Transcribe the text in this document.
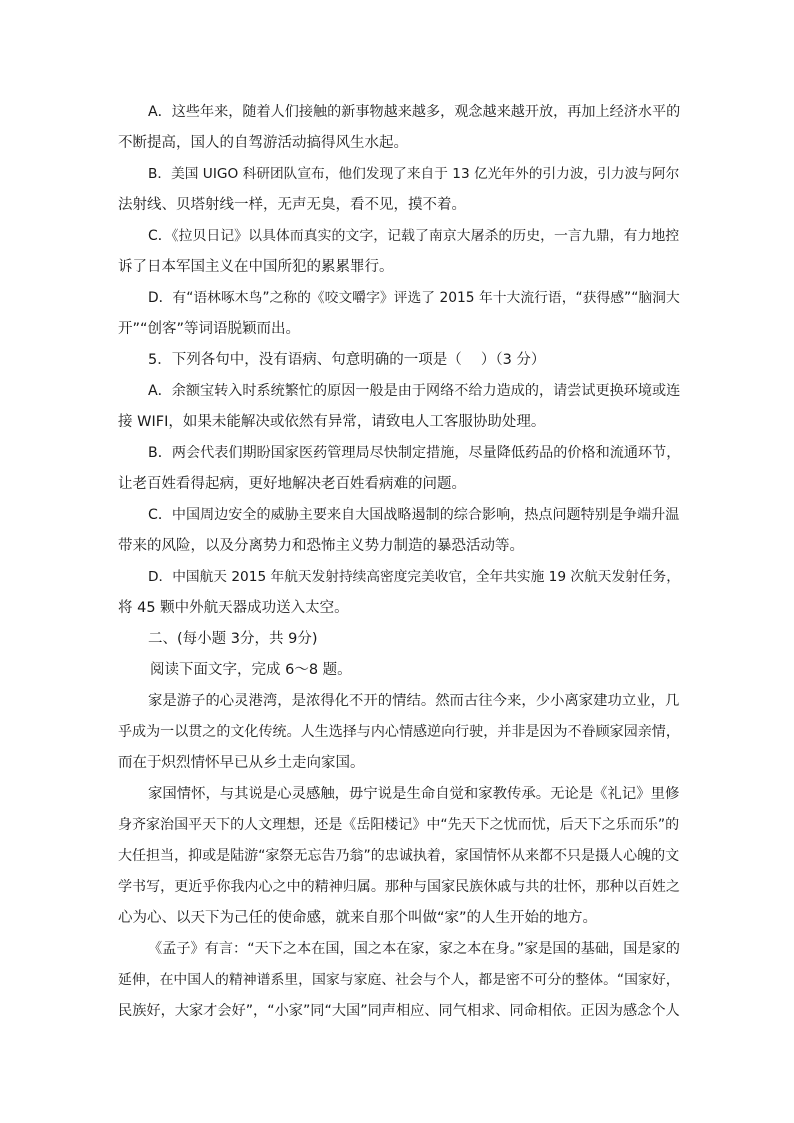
A．这些年来，随着人们接触的新事物越来越多，观念越来越开放，再加上经济水平的
不断提高，国人的自驾游活动搞得风生水起。
B．美国 UIGO 科研团队宣布，他们发现了来自于 13 亿光年外的引力波，引力波与阿尔
法射线、贝塔射线一样，无声无臭，看不见，摸不着。
C．《拉贝日记》以具体而真实的文字，记载了南京大屠杀的历史，一言九鼎，有力地控
诉了日本军国主义在中国所犯的累累罪行。
D．有“语林啄木鸟”之称的《咬文嚼字》评选了 2015 年十大流行语，“获得感”“脑洞大
开”“创客”等词语脱颖而出。
5．下列各句中，没有语病、句意明确的一项是（　 ）（3 分）
A．余额宝转入时系统繁忙的原因一般是由于网络不给力造成的，请尝试更换环境或连
接 WIFI，如果未能解决或依然有异常，请致电人工客服协助处理。
B．两会代表们期盼国家医药管理局尽快制定措施，尽量降低药品的价格和流通环节，
让老百姓看得起病，更好地解决老百姓看病难的问题。
C．中国周边安全的威胁主要来自大国战略遏制的综合影响，热点问题特别是争端升温
带来的风险，以及分离势力和恐怖主义势力制造的暴恐活动等。
D．中国航天 2015 年航天发射持续高密度完美收官，全年共实施 19 次航天发射任务，
将 45 颗中外航天器成功送入太空。
二、(每小题 3分，共 9分)
阅读下面文字，完成 6～8 题。
家是游子的心灵港湾，是浓得化不开的情结。然而古往今来，少小离家建功立业，几
乎成为一以贯之的文化传统。人生选择与内心情感逆向行驶，并非是因为不眷顾家园亲情，
而在于炽烈情怀早已从乡土走向家国。
家国情怀，与其说是心灵感触，毋宁说是生命自觉和家教传承。无论是《礼记》里修
身齐家治国平天下的人文理想，还是《岳阳楼记》中“先天下之忧而忧，后天下之乐而乐”的
大任担当，抑或是陆游“家祭无忘告乃翁”的忠诚执着，家国情怀从来都不只是摄人心魄的文
学书写，更近乎你我内心之中的精神归属。那种与国家民族休戚与共的壮怀，那种以百姓之
心为心、以天下为己任的使命感，就来自那个叫做“家”的人生开始的地方。
《孟子》有言：“天下之本在国，国之本在家，家之本在身。”家是国的基础，国是家的
延伸，在中国人的精神谱系里，国家与家庭、社会与个人，都是密不可分的整体。“国家好，
民族好，大家才会好”，“小家”同“大国”同声相应、同气相求、同命相依。正因为感念个人
